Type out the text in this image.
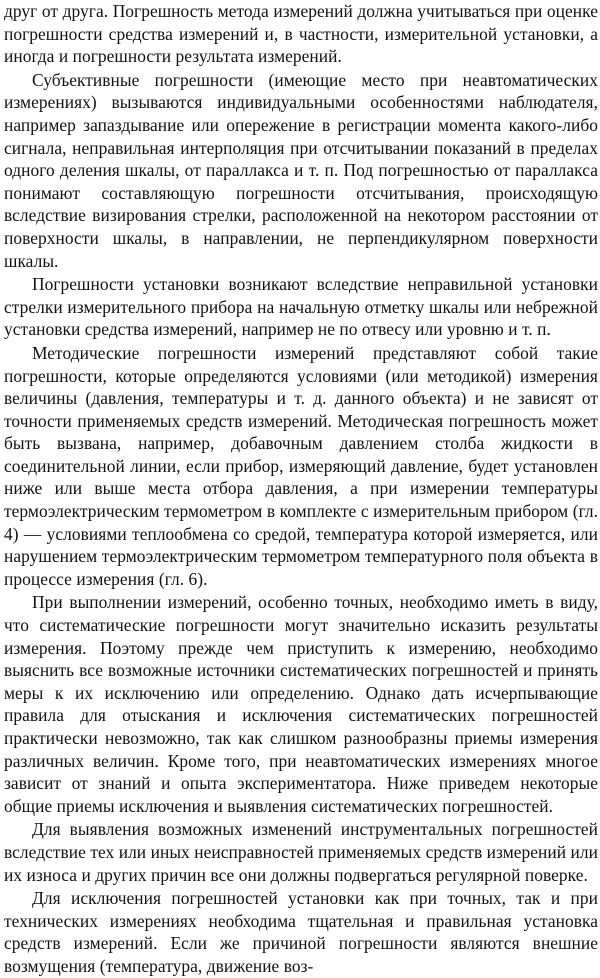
друг от друга. Погрешность метода измерений должна учитываться при оценке погрешности средства измерений и, в частности, измерительной установки, а иногда и погрешности результата измерений.

Субъективные погрешности (имеющие место при неавтоматических измерениях) вызываются индивидуальными особенностями наблюдателя, например запаздывание или опережение в регистрации момента какого-либо сигнала, неправильная интерполяция при отсчитывании показаний в пределах одного деления шкалы, от параллакса и т. п. Под погрешностью от параллакса понимают составляющую погрешности отсчитывания, происходящую вследствие визирования стрелки, расположенной на некотором расстоянии от поверхности шкалы, в направлении, не перпендикулярном поверхности шкалы.

Погрешности установки возникают вследствие неправильной установки стрелки измерительного прибора на начальную отметку шкалы или небрежной установки средства измерений, например не по отвесу или уровню и т. п.

Методические погрешности измерений представляют собой такие погрешности, которые определяются условиями (или методикой) измерения величины (давления, температуры и т. д. данного объекта) и не зависят от точности применяемых средств измерений. Методическая погрешность может быть вызвана, например, добавочным давлением столба жидкости в соединительной линии, если прибор, измеряющий давление, будет установлен ниже или выше места отбора давления, а при измерении температуры термоэлектрическим термометром в комплекте с измерительным прибором (гл. 4) — условиями теплообмена со средой, температура которой измеряется, или нарушением термоэлектрическим термометром температурного поля объекта в процессе измерения (гл. 6).

При выполнении измерений, особенно точных, необходимо иметь в виду, что систематические погрешности могут значительно исказить результаты измерения. Поэтому прежде чем приступить к измерению, необходимо выяснить все возможные источники систематических погрешностей и принять меры к их исключению или определению. Однако дать исчерпывающие правила для отыскания и исключения систематических погрешностей практически невозможно, так как слишком разнообразны приемы измерения различных величин. Кроме того, при неавтоматических измерениях многое зависит от знаний и опыта экспериментатора. Ниже приведем некоторые общие приемы исключения и выявления систематических погрешностей.

Для выявления возможных изменений инструментальных погрешностей вследствие тех или иных неисправностей применяемых средств измерений или их износа и других причин все они должны подвергаться регулярной поверке.

Для исключения погрешностей установки как при точных, так и при технических измерениях необходима тщательная и правильная установка средств измерений. Если же причиной погрешности являются внешние возмущения (температура, движение воз-
